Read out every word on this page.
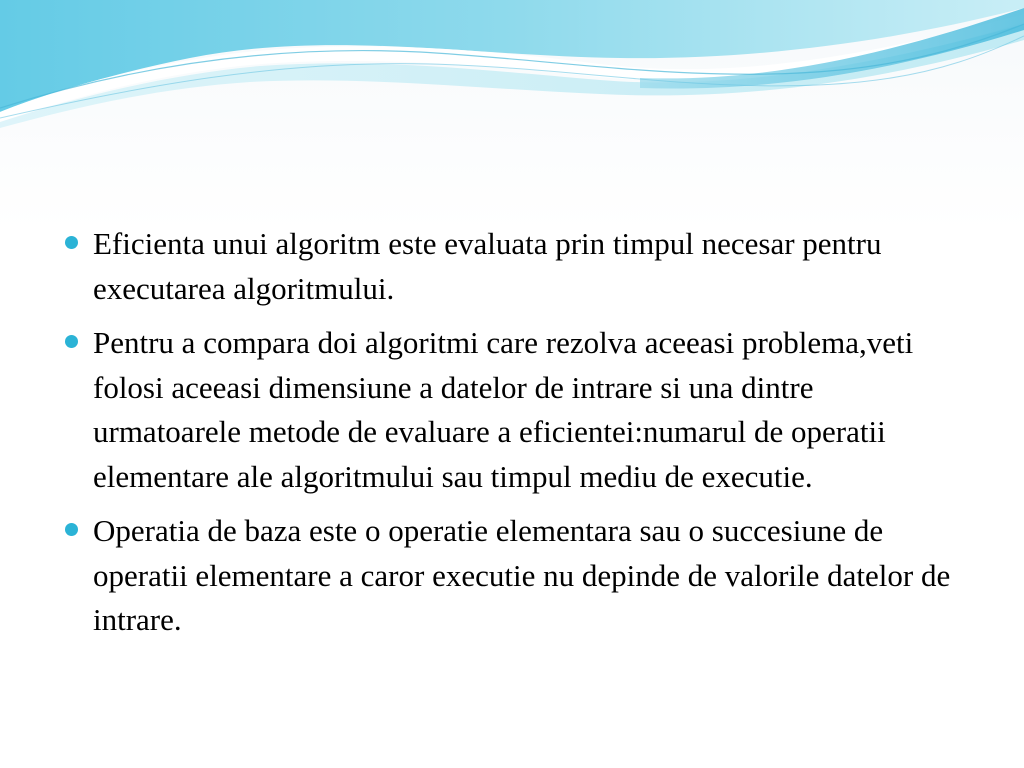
Eficienta unui algoritm este evaluata prin timpul necesar pentru executarea algoritmului.
Pentru a compara doi algoritmi care rezolva aceeasi problema,veti folosi aceeasi dimensiune a datelor de intrare si una dintre urmatoarele metode de evaluare a eficientei:numarul de operatii elementare ale algoritmului sau timpul mediu de executie.
Operatia de baza este o operatie elementara sau o succesiune de operatii elementare a caror executie nu depinde de valorile datelor de intrare.
